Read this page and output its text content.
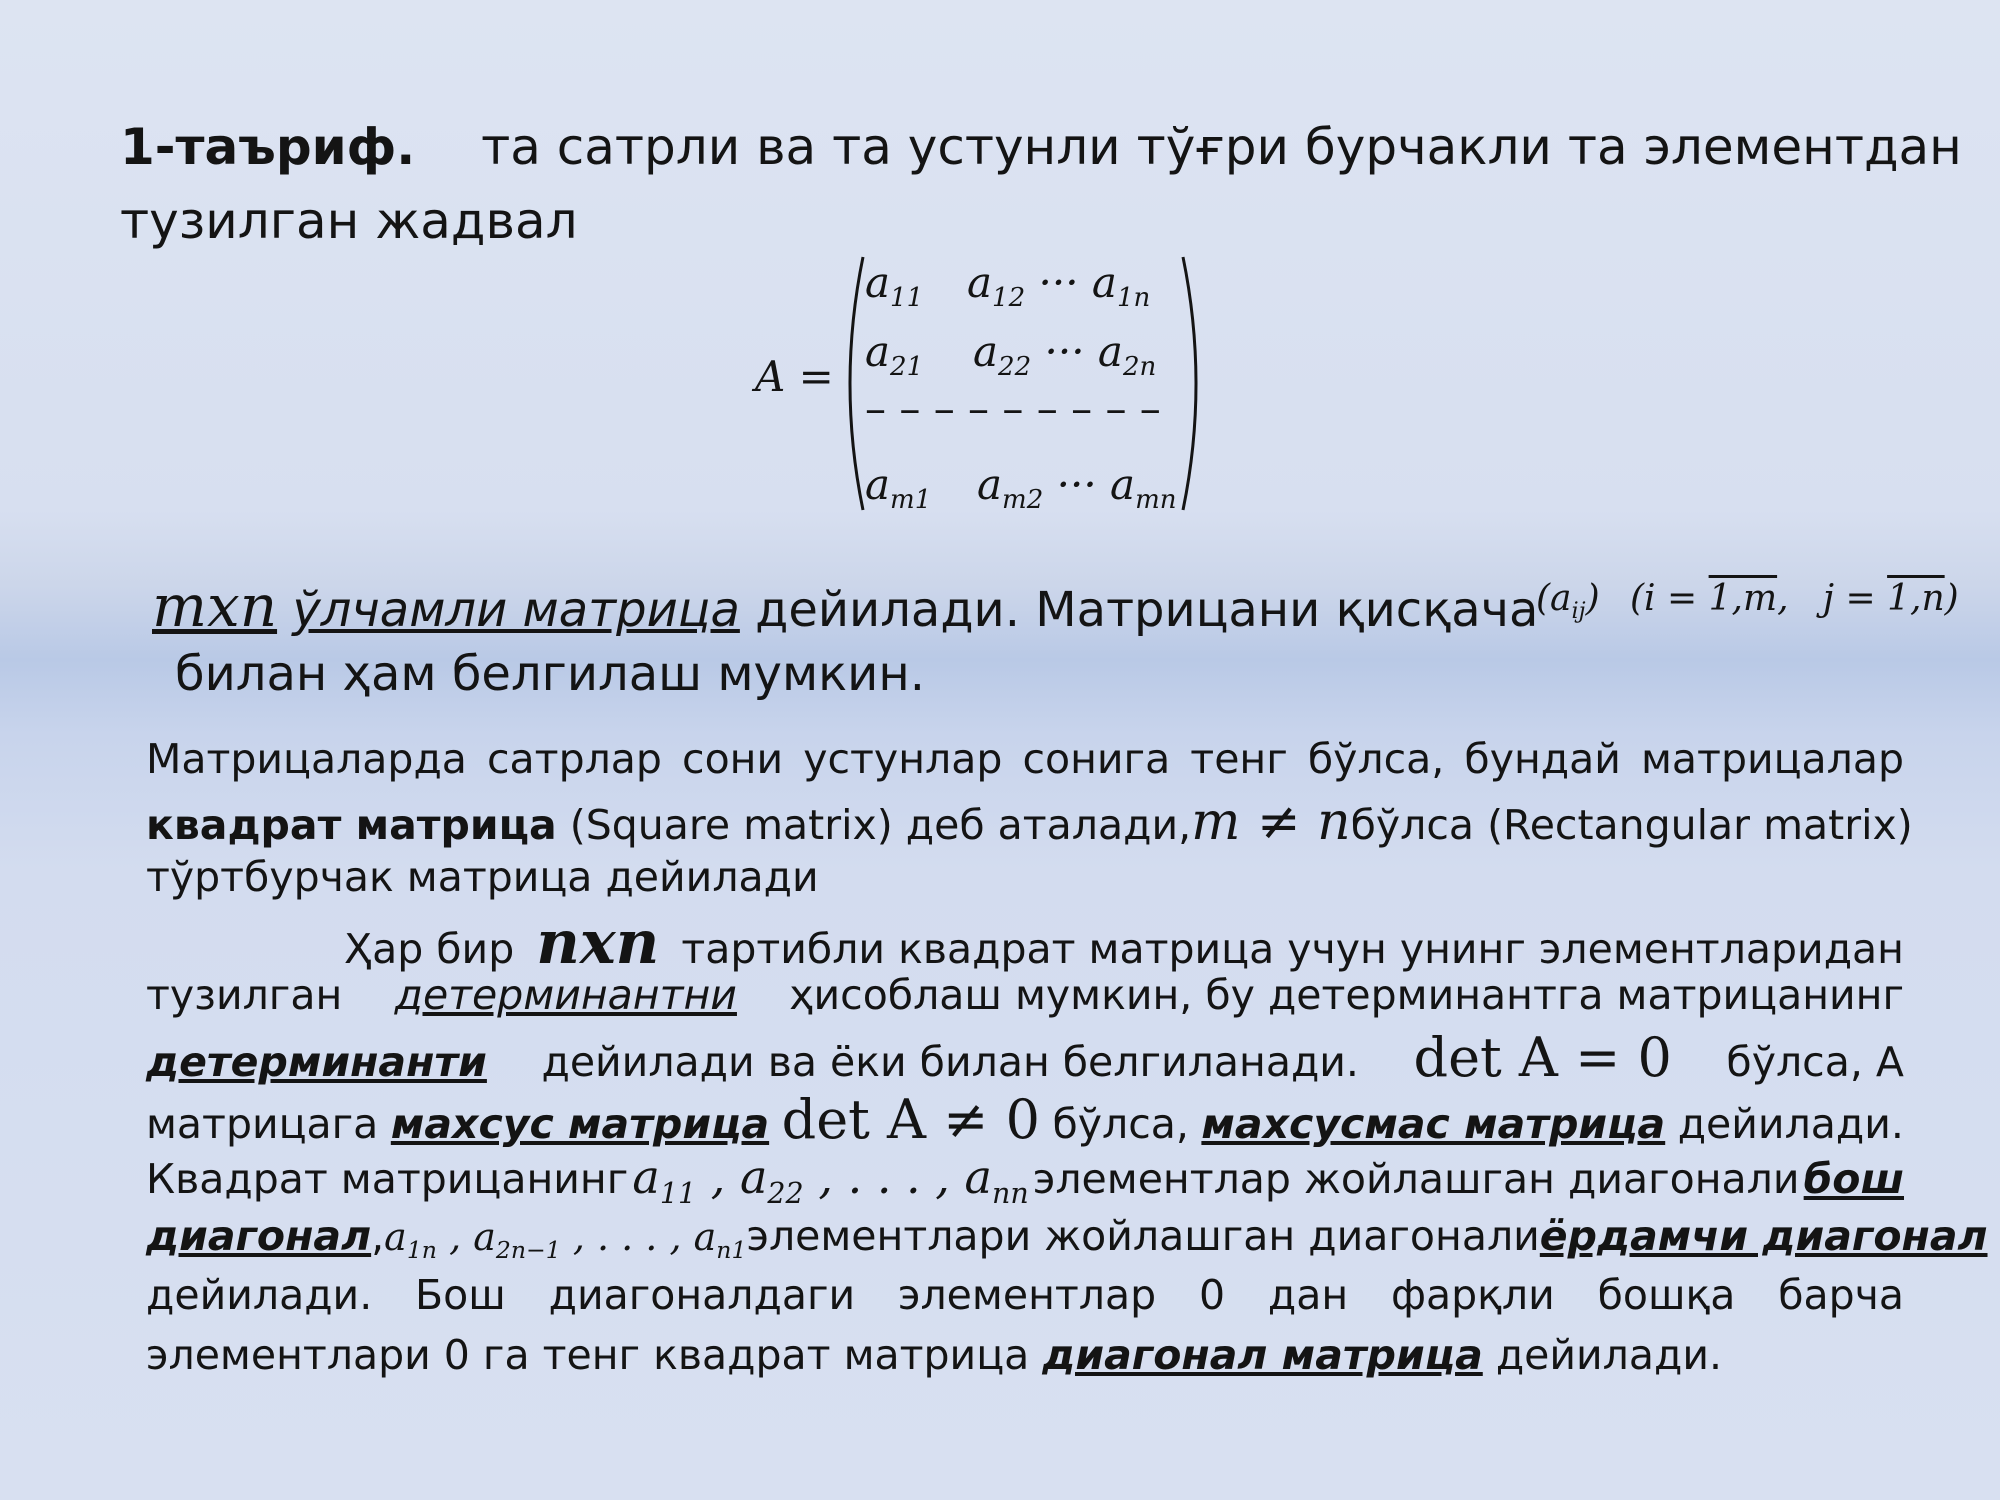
1-таъриф. та сатрли ва та устунли тўғри бурчакли та элементдан
тузилган жадвал
A =
$a_{11}$ $a_{12}$ ··· $a_{1n}$
$a_{21}$ $a_{22}$ ··· $a_{2n}$
– – – – – – – – –
$a_{m1}$ $a_{m2}$ ··· $a_{mn}$
mxn ўлчамли матрица дейилади. Матрицани қисқача
$(a_{ij}) (i = 1,m$,   j = 1,n)
билан ҳам белгилаш мумкин.
Матрицаларда сатрлар сони устунлар сонига тенг бўлса, бундай матрицалар
квадрат матрица (Square matrix) деб аталади, m ≠ n бўлса (Rectangular matrix)
тўртбурчак матрица дейилади
Ҳар бир nxn тартибли квадрат матрица учун унинг элементларидан
тузилган детерминантни ҳисоблаш мумкин, бу детерминантга матрицанинг
детерминанти дейилади ва ёки билан белгиланади. det A = 0 бўлса, A
матрицага махсус матрица det A ≠ 0 бўлса, махсусмас матрица дейилади.
Квадрат матрицанинг $a_{11}$ , $a_{22}$ , . . . , $a_{nn}$ элементлар жойлашган диагонали бош
$диагонал,a_{1n}$ , $a_{2n-1}$ , . . . , $a_{n1}$ элементлари жойлашган диагонали ёрдамчи диагонал
дейилади. Бош диагоналдаги элементлар 0 дан фарқли бошқа барча
элементлари 0 га тенг квадрат матрица диагонал матрица дейилади.
